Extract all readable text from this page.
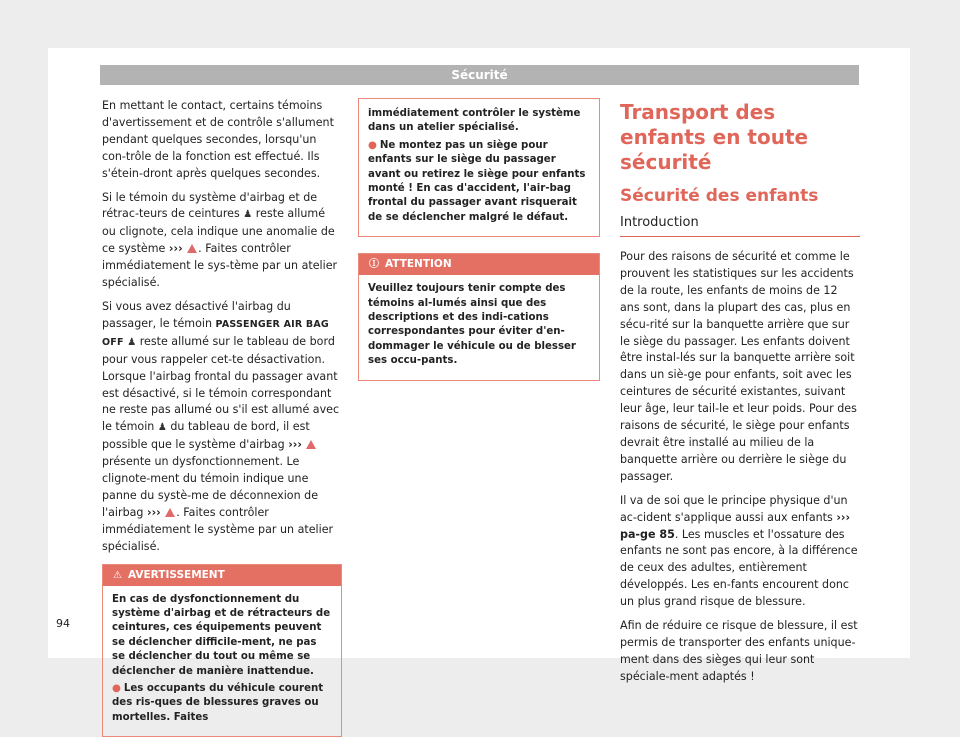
Sécurité

En mettant le contact, certains témoins d'avertissement et de contrôle s'allument pendant quelques secondes, lorsqu'un con-trôle de la fonction est effectué. Ils s'étein-dront après quelques secondes.

Si le témoin du système d'airbag et de rétrac-teurs de ceintures ♟ reste allumé ou clignote, cela indique une anomalie de ce système ››› . Faites contrôler immédiatement le sys-tème par un atelier spécialisé.

Si vous avez désactivé l'airbag du passager, le témoin PASSENGER AIR BAG OFF ♟ reste allumé sur le tableau de bord pour vous rappeler cet-te désactivation. Lorsque l'airbag frontal du passager avant est désactivé, si le témoin correspondant ne reste pas allumé ou s'il est allumé avec le témoin ♟ du tableau de bord, il est possible que le système d'airbag ›››  présente un dysfonctionnement. Le clignote-ment du témoin indique une panne du systè-me de déconnexion de l'airbag ››› . Faites contrôler immédiatement le système par un atelier spécialisé.

⚠ AVERTISSEMENT

En cas de dysfonctionnement du système d'airbag et de rétracteurs de ceintures, ces équipements peuvent se déclencher difficile-ment, ne pas se déclencher du tout ou même se déclencher de manière inattendue.

● Les occupants du véhicule courent des ris-ques de blessures graves ou mortelles. Faites

immédiatement contrôler le système dans un atelier spécialisé.

● Ne montez pas un siège pour enfants sur le siège du passager avant ou retirez le siège pour enfants monté ! En cas d'accident, l'air-bag frontal du passager avant risquerait de se déclencher malgré le défaut.

Ⓘ ATTENTION

Veuillez toujours tenir compte des témoins al-lumés ainsi que des descriptions et des indi-cations correspondantes pour éviter d'en-dommager le véhicule ou de blesser ses occu-pants.

Transport des enfants en toute sécurité
Sécurité des enfants
Introduction

Pour des raisons de sécurité et comme le prouvent les statistiques sur les accidents de la route, les enfants de moins de 12 ans sont, dans la plupart des cas, plus en sécu-rité sur la banquette arrière que sur le siège du passager. Les enfants doivent être instal-lés sur la banquette arrière soit dans un siè-ge pour enfants, soit avec les ceintures de sécurité existantes, suivant leur âge, leur tail-le et leur poids. Pour des raisons de sécurité, le siège pour enfants devrait être installé au milieu de la banquette arrière ou derrière le siège du passager.

Il va de soi que le principe physique d'un ac-cident s'applique aussi aux enfants ››› pa-ge 85. Les muscles et l'ossature des enfants ne sont pas encore, à la différence de ceux des adultes, entièrement développés. Les en-fants encourent donc un plus grand risque de blessure.

Afin de réduire ce risque de blessure, il est permis de transporter des enfants unique-ment dans des sièges qui leur sont spéciale-ment adaptés !

94
